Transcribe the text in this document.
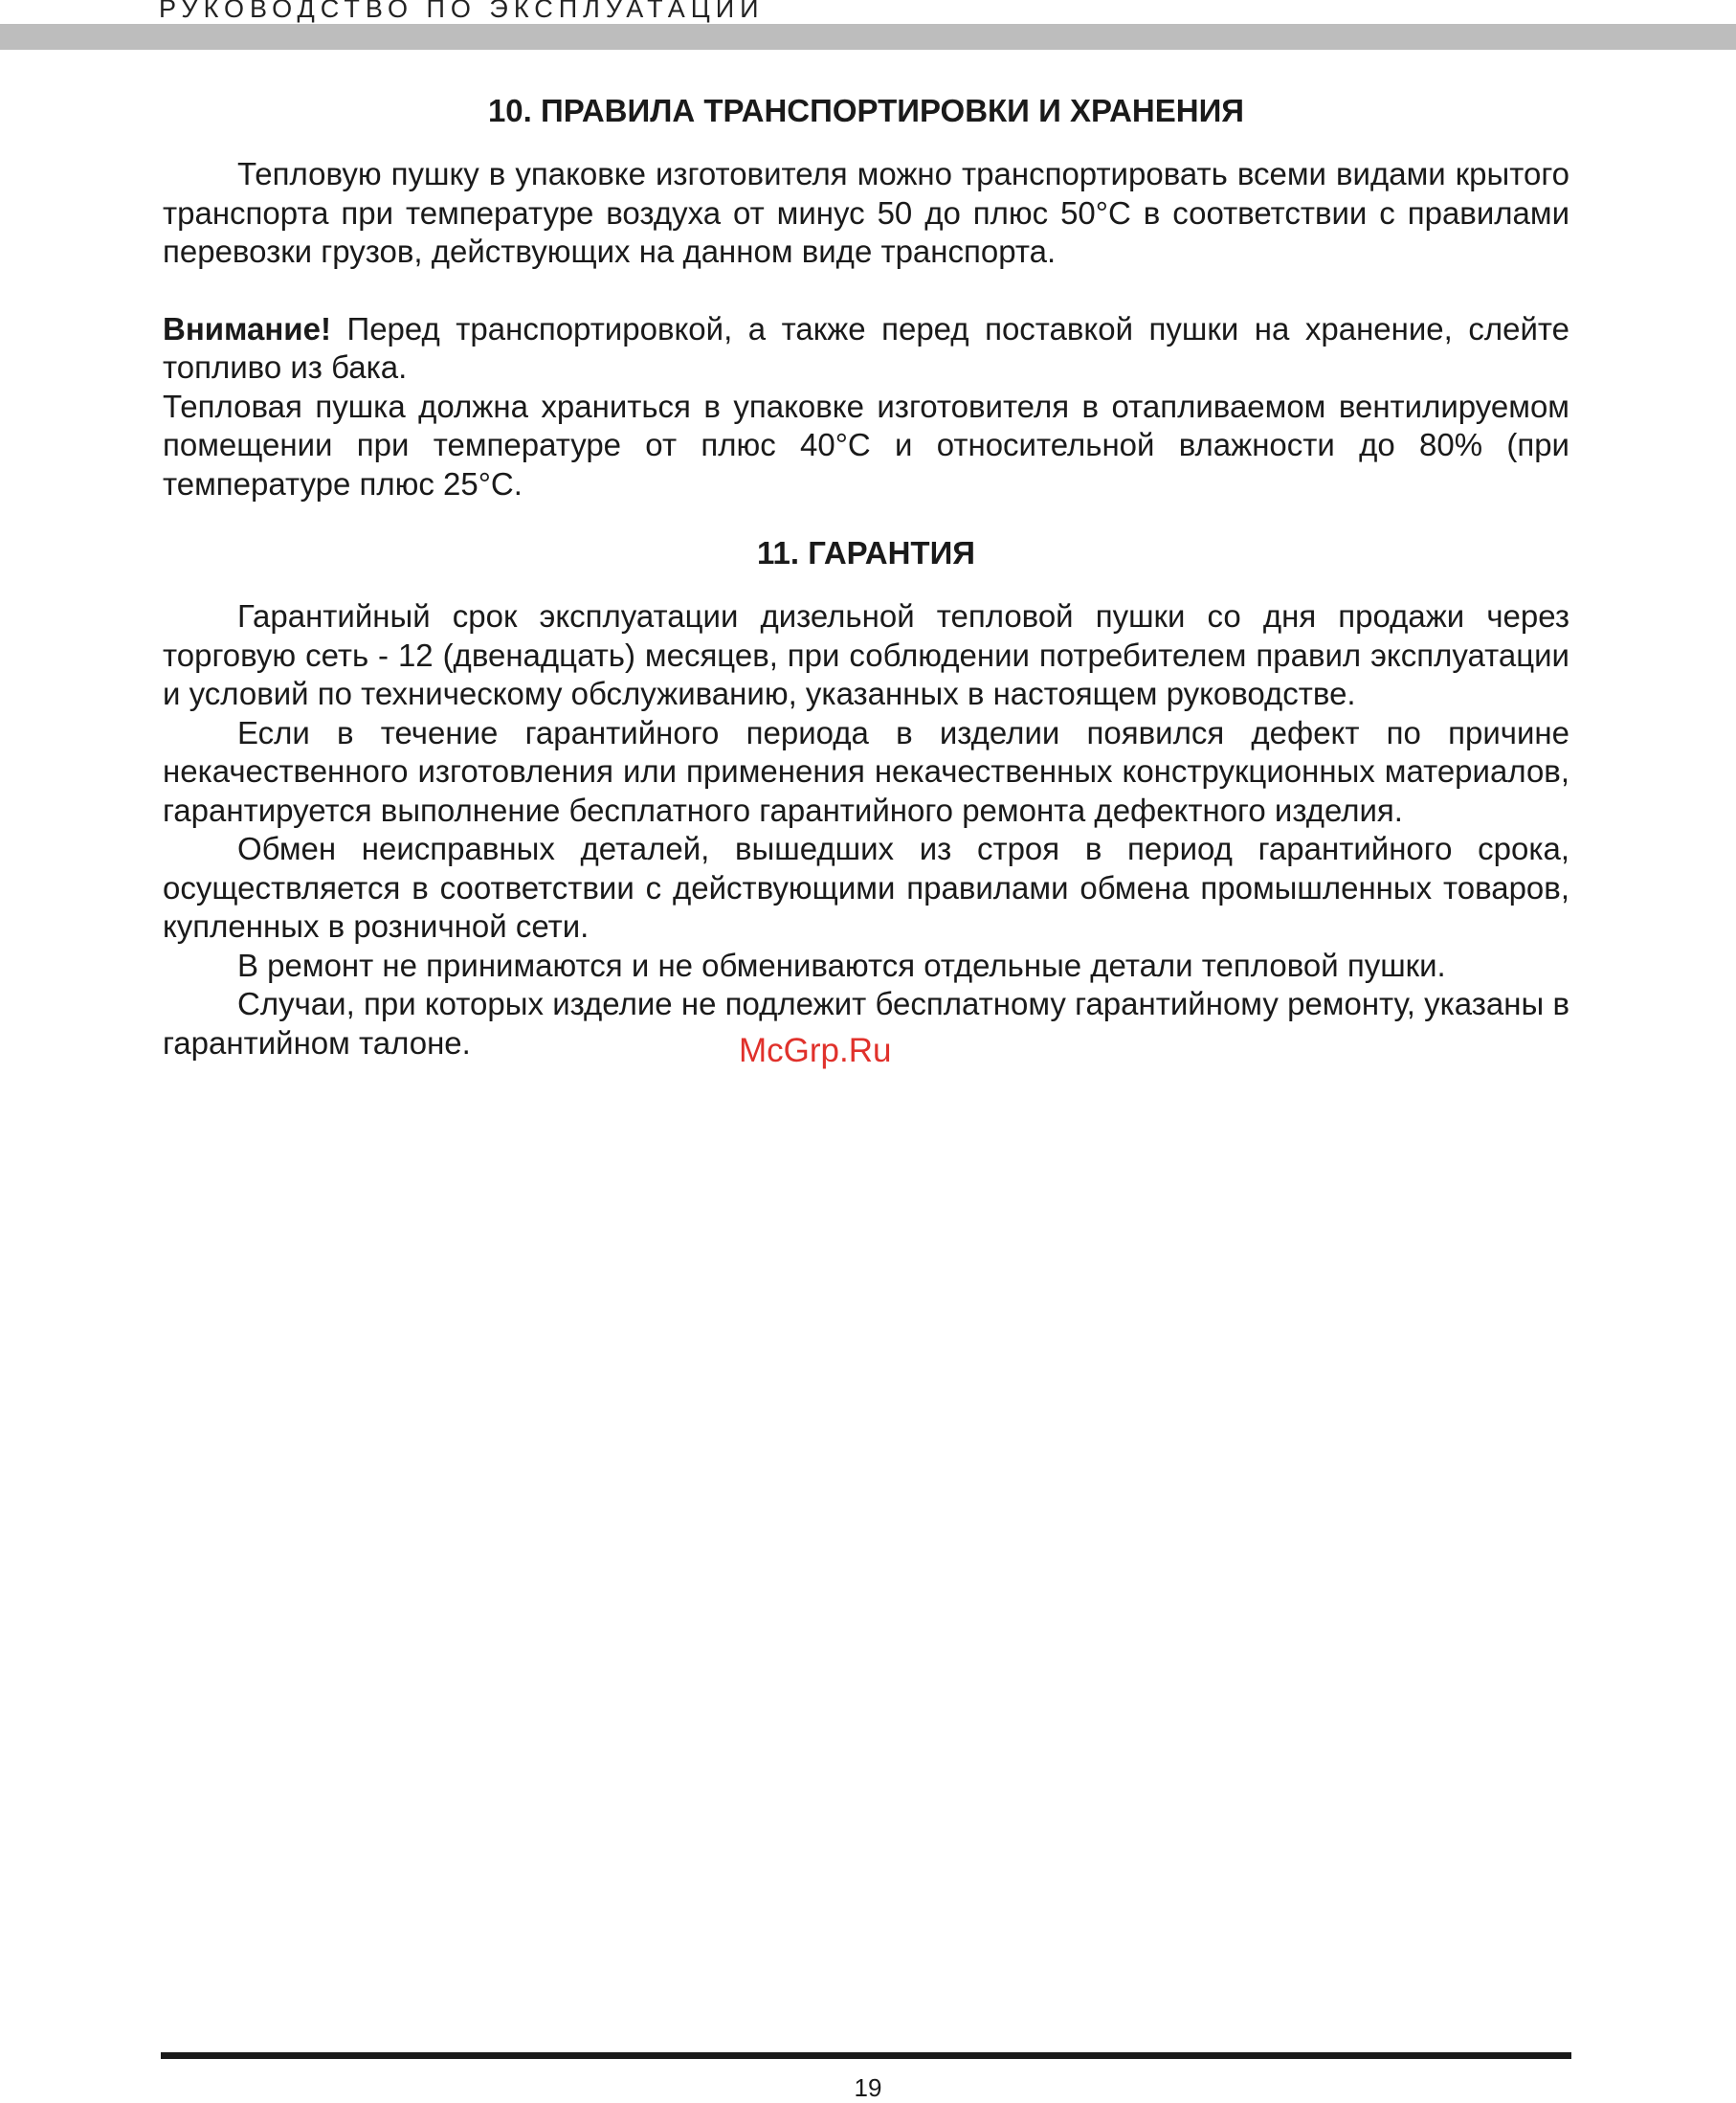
РУКОВОДСТВО ПО ЭКСПЛУАТАЦИИ
10. ПРАВИЛА ТРАНСПОРТИРОВКИ И ХРАНЕНИЯ

Тепловую пушку в упаковке изготовителя можно транспортировать всеми видами крытого транспорта при температуре воздуха от минус 50 до плюс 50°С в соответствии с правилами перевозки грузов, действующих на данном виде транспорта.

Внимание! Перед транспортировкой, а также перед поставкой пушки на хранение, слейте топливо из бака.

Тепловая пушка должна храниться в упаковке изготовителя в отапливаемом вентилируемом помещении при температуре от плюс 40°С и относительной влажности до 80% (при температуре плюс 25°С.

11. ГАРАНТИЯ

Гарантийный срок эксплуатации дизельной тепловой пушки со дня продажи через торговую сеть - 12 (двенадцать) месяцев, при соблюдении потребителем правил эксплуатации и условий по техническому обслуживанию, указанных в настоящем руководстве.

Если в течение гарантийного периода в изделии появился дефект по причине некачественного изготовления или применения некачественных конструкционных материалов, гарантируется выполнение бесплатного гарантийного ремонта дефектного изделия.

Обмен неисправных деталей, вышедших из строя в период гарантийного срока, осуществляется в соответствии с действующими правилами обмена промышленных товаров, купленных в розничной сети.

В ремонт не принимаются и не обмениваются отдельные детали тепловой пушки.

Случаи, при которых изделие не подлежит бесплатному гарантийному ремонту, указаны в гарантийном талоне.	McGrp.Ru
19
